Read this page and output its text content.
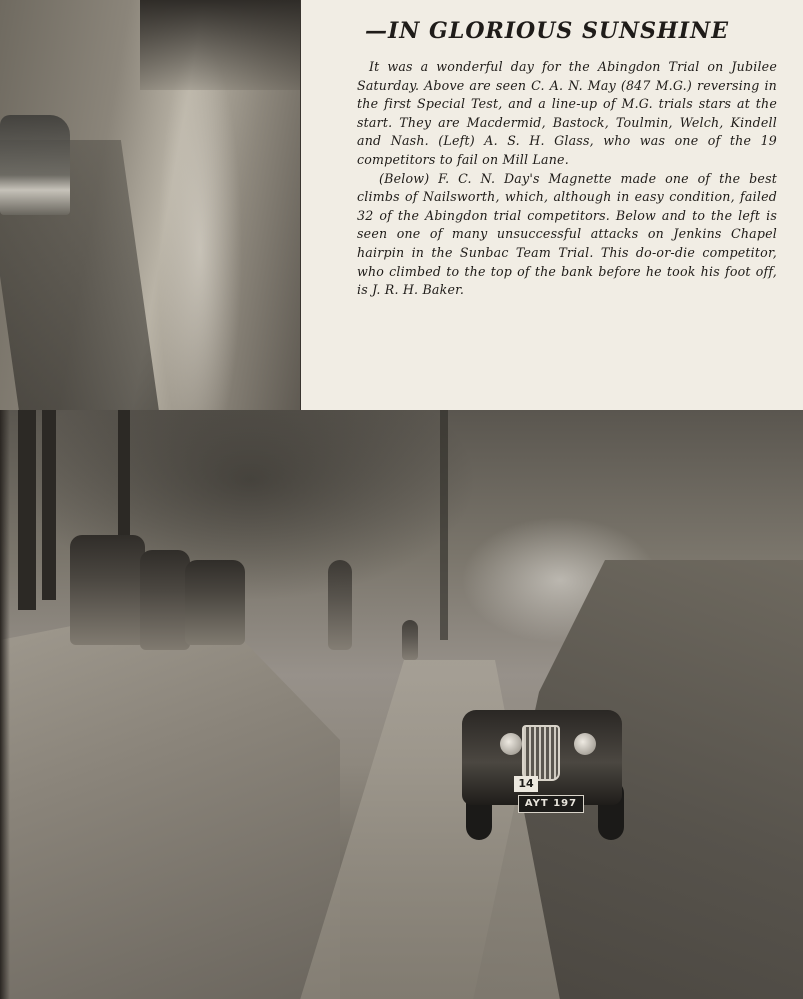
—IN GLORIOUS SUNSHINE

It was a wonderful day for the Abingdon Trial on Jubilee Saturday. Above are seen C. A. N. May (847 M.G.) reversing in the first Special Test, and a line-up of M.G. trials stars at the start. They are Macdermid, Bastock, Toulmin, Welch, Kindell and Nash. (Left) A. S. H. Glass, who was one of the 19 competitors to fail on Mill Lane.

(Below) F. C. N. Day's Magnette made one of the best climbs of Nailsworth, which, although in easy condition, failed 32 of the Abingdon trial competitors. Below and to the left is seen one of many unsuccessful attacks on Jenkins Chapel hairpin in the Sunbac Team Trial. This do-or-die competitor, who climbed to the top of the bank before he took his foot off, is J. R. H. Baker.

14
AYT 197
